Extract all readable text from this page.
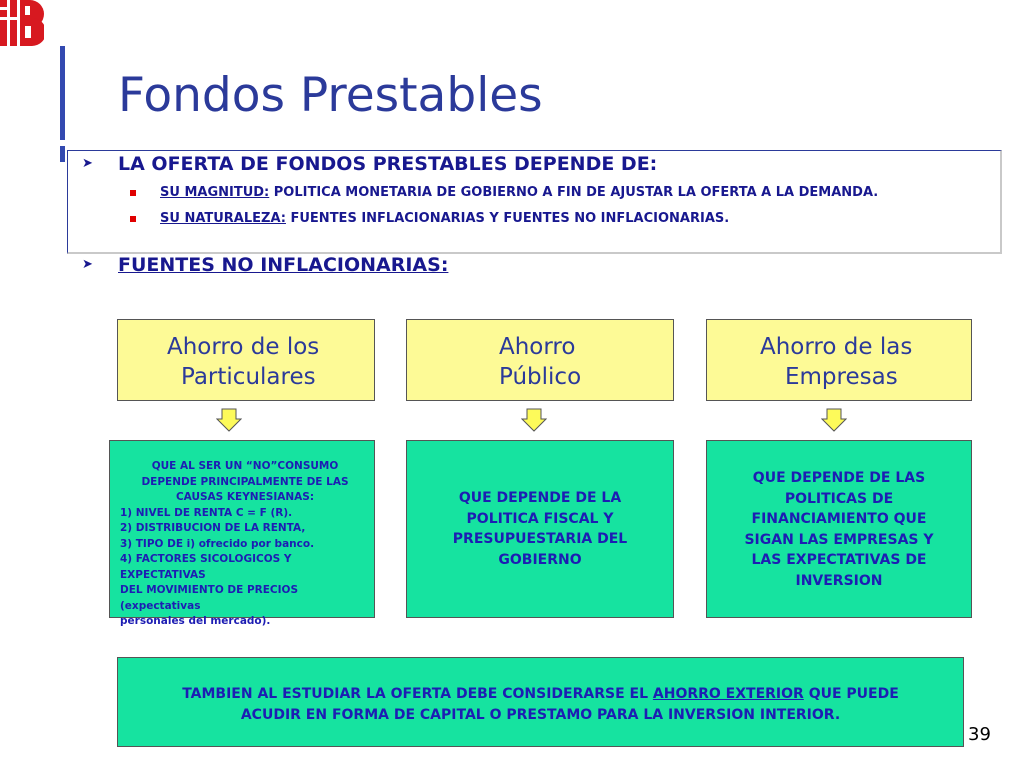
Fondos Prestables
➤ LA OFERTA DE FONDOS PRESTABLES DEPENDE DE:
SU MAGNITUD: POLITICA MONETARIA DE GOBIERNO A FIN DE AJUSTAR LA OFERTA A LA DEMANDA.
SU NATURALEZA: FUENTES INFLACIONARIAS Y FUENTES NO INFLACIONARIAS.
➤ FUENTES NO INFLACIONARIAS:
Ahorro de los
Particulares
Ahorro
Público
Ahorro de las
Empresas
QUE AL SER UN “NO”CONSUMO
DEPENDE PRINCIPALMENTE DE LAS
CAUSAS KEYNESIANAS:
1) NIVEL DE RENTA C = F (R).
2) DISTRIBUCION DE LA RENTA,
3) TIPO DE i) ofrecido por banco.
4) FACTORES SICOLOGICOS Y EXPECTATIVAS
DEL MOVIMIENTO DE PRECIOS (expectativas
personales del mercado).
QUE DEPENDE DE LA
POLITICA FISCAL Y
PRESUPUESTARIA DEL
GOBIERNO
QUE DEPENDE DE LAS
POLITICAS DE
FINANCIAMIENTO QUE
SIGAN LAS EMPRESAS Y
LAS EXPECTATIVAS DE
INVERSION
TAMBIEN AL ESTUDIAR LA OFERTA DEBE CONSIDERARSE EL AHORRO EXTERIOR QUE PUEDE
ACUDIR EN FORMA DE CAPITAL O PRESTAMO PARA LA INVERSION INTERIOR.
39
